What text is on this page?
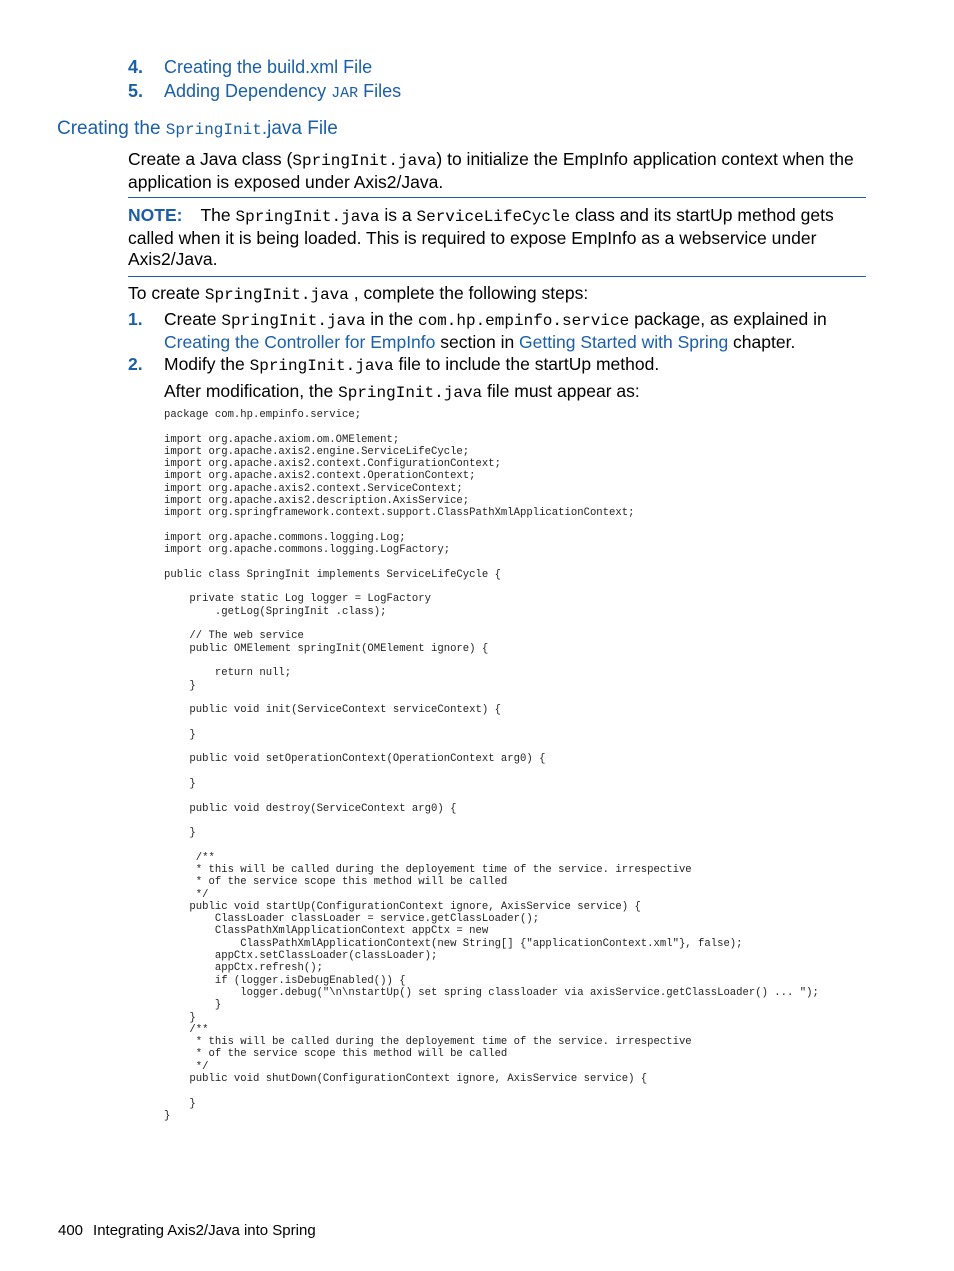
4. Creating the build.xml File
5. Adding Dependency JAR Files
Creating the SpringInit.java File

Create a Java class (SpringInit.java) to initialize the EmpInfo application context when the application is exposed under Axis2/Java.

NOTE: The SpringInit.java is a ServiceLifeCycle class and its startUp method gets called when it is being loaded. This is required to expose EmpInfo as a webservice under Axis2/Java.

To create SpringInit.java , complete the following steps:

1. Create SpringInit.java in the com.hp.empinfo.service package, as explained in Creating the Controller for EmpInfo section in Getting Started with Spring chapter.
2. Modify the SpringInit.java file to include the startUp method.

After modification, the SpringInit.java file must appear as:

package com.hp.empinfo.service;

import org.apache.axiom.om.OMElement;
import org.apache.axis2.engine.ServiceLifeCycle;
import org.apache.axis2.context.ConfigurationContext;
import org.apache.axis2.context.OperationContext;
import org.apache.axis2.context.ServiceContext;
import org.apache.axis2.description.AxisService;
import org.springframework.context.support.ClassPathXmlApplicationContext;

import org.apache.commons.logging.Log;
import org.apache.commons.logging.LogFactory;

public class SpringInit implements ServiceLifeCycle {

private static Log logger = LogFactory
.getLog(SpringInit .class);

// The web service
public OMElement springInit(OMElement ignore) {

return null;
}

public void init(ServiceContext serviceContext) {

}

public void setOperationContext(OperationContext arg0) {

}

public void destroy(ServiceContext arg0) {

}

/**
* this will be called during the deployement time of the service. irrespective
* of the service scope this method will be called
*/
public void startUp(ConfigurationContext ignore, AxisService service) {
ClassLoader classLoader = service.getClassLoader();
ClassPathXmlApplicationContext appCtx = new
ClassPathXmlApplicationContext(new String[] {"applicationContext.xml"}, false);
appCtx.setClassLoader(classLoader);
appCtx.refresh();
if (logger.isDebugEnabled()) {
logger.debug("\n\nstartUp() set spring classloader via axisService.getClassLoader() ... ");
}
}
/**
* this will be called during the deployement time of the service. irrespective
* of the service scope this method will be called
*/
public void shutDown(ConfigurationContext ignore, AxisService service) {

}
}
400 Integrating Axis2/Java into Spring
